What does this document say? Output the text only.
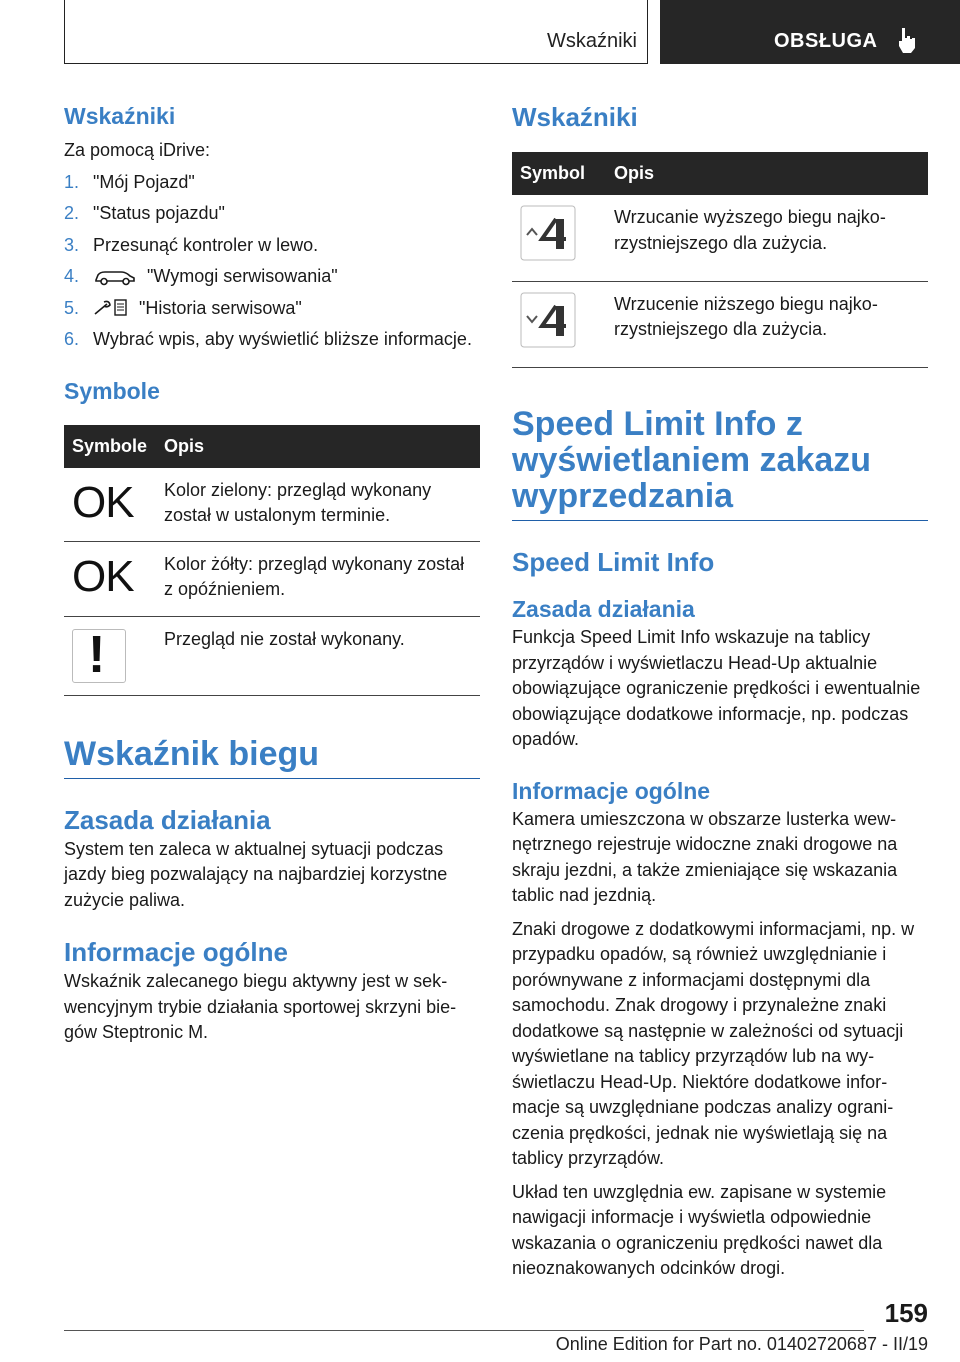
Wskaźniki	OBSŁUGA
Wskaźniki

Za pomocą iDrive:

1. "Mój Pojazd"
2. "Status pojazdu"
3. Przesunąć kontroler w lewo.
4.	"Wymogi serwisowania"
5.	"Historia serwisowa"
6. Wybrać wpis, aby wyświetlić bliższe informacje.
Symbole
Symbole	Opis
OK	Kolor zielony: przegląd wykonany został w ustalonym terminie.
OK	Kolor żółty: przegląd wykonany został z opóźnieniem.

!	Przegląd nie został wykonany.
Wskaźnik biegu
Zasada działania

System ten zaleca w aktualnej sytuacji podczas jazdy bieg pozwalający na najbardziej korzystne zużycie paliwa.

Informacje ogólne

Wskaźnik zalecanego biegu aktywny jest w sekwencyjnym trybie działania sportowej skrzyni biegów Steptronic M.

Wskaźniki
Symbol	Opis
	Wrzucanie wyższego biegu najkorzystniejszego dla zużycia.
	Wrzucenie niższego biegu najkorzystniejszego dla zużycia.
Speed Limit Info z wyświetlaniem zakazu wyprzedzania
Speed Limit Info
Zasada działania

Funkcja Speed Limit Info wskazuje na tablicy przyrządów i wyświetlaczu Head-Up aktualnie obowiązujące ograniczenie prędkości i ewentualnie obowiązujące dodatkowe informacje, np. podczas opadów.

Informacje ogólne

Kamera umieszczona w obszarze lusterka wewnętrznego rejestruje widoczne znaki drogowe na skraju jezdni, a także zmieniające się wskazania tablic nad jezdnią.

Znaki drogowe z dodatkowymi informacjami, np. w przypadku opadów, są również uwzględnianie i porównywane z informacjami dostępnymi dla samochodu. Znak drogowy i przynależne znaki dodatkowe są następnie w zależności od sytuacji wyświetlane na tablicy przyrządów lub na wyświetlaczu Head-Up. Niektóre dodatkowe informacje są uwzględniane podczas analizy ograniczenia prędkości, jednak nie wyświetlają się na tablicy przyrządów.

Układ ten uwzględnia ew. zapisane w systemie nawigacji informacje i wyświetla odpowiednie wskazania o ograniczeniu prędkości nawet dla nieoznakowanych odcinków drogi.

159
Online Edition for Part no. 01402720687 - II/19
